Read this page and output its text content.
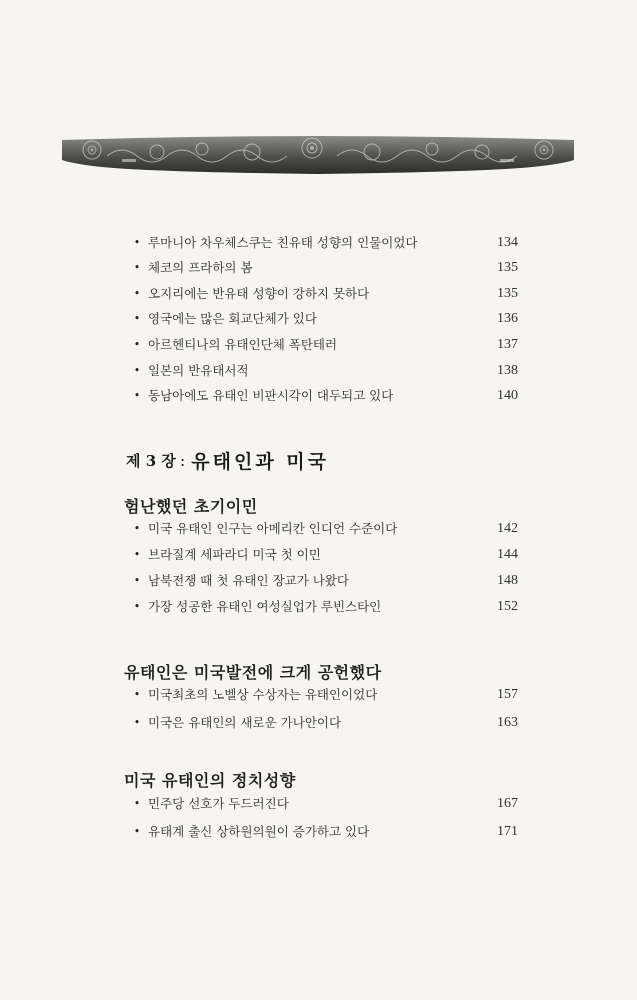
• 루마니아 차우체스쿠는 친유태 성향의 인물이었다	134
• 체코의 프라하의 봄	135
• 오지리에는 반유태 성향이 강하지 못하다	135
• 영국에는 많은 회교단체가 있다	136
• 아르헨티나의 유태인단체 폭탄테러	137
• 일본의 반유태서적	138
• 동남아에도 유태인 비판시각이 대두되고 있다	140
제 3 장 : 유태인과 미국
험난했던 초기이민
• 미국 유태인 인구는 아메리칸 인디언 수준이다	142
• 브라질계 세파라디 미국 첫 이민	144
• 남북전쟁 때 첫 유태인 장교가 나왔다	148
• 가장 성공한 유태인 여성실업가 루빈스타인	152
유태인은 미국발전에 크게 공헌했다
• 미국최초의 노벨상 수상자는 유태인이었다	157
• 미국은 유태인의 새로운 가나안이다	163
미국 유태인의 정치성향
• 민주당 선호가 두드러진다	167
• 유태계 출신 상하원의원이 증가하고 있다	171
